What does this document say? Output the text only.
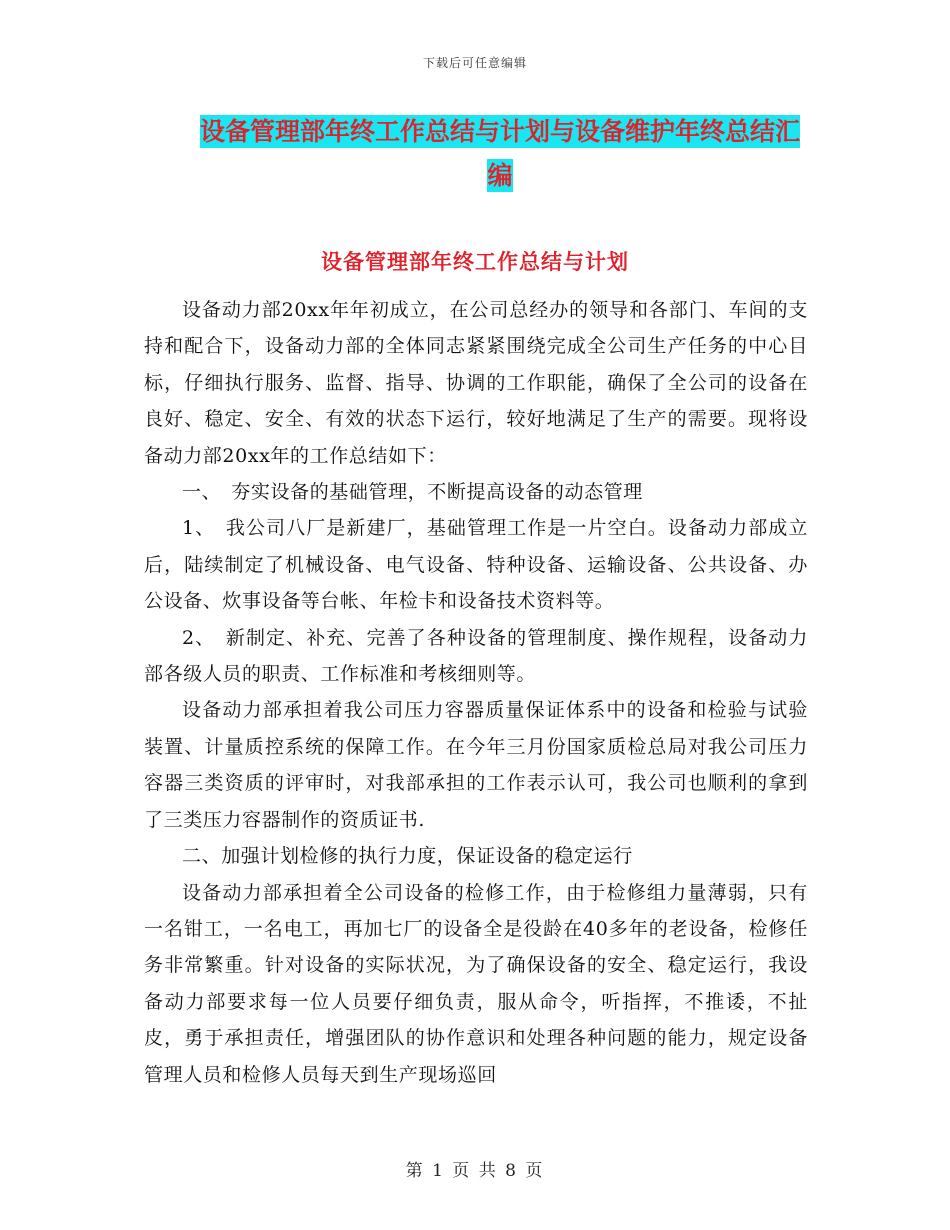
下载后可任意编辑
设备管理部年终工作总结与计划与设备维护年终总结汇编
设备管理部年终工作总结与计划

设备动力部20xx年年初成立，在公司总经办的领导和各部门、车间的支持和配合下，设备动力部的全体同志紧紧围绕完成全公司生产任务的中心目标，仔细执行服务、监督、指导、协调的工作职能，确保了全公司的设备在良好、稳定、安全、有效的状态下运行，较好地满足了生产的需要。现将设备动力部20xx年的工作总结如下：

一、　夯实设备的基础管理，不断提高设备的动态管理

1、　我公司八厂是新建厂，基础管理工作是一片空白。设备动力部成立后，陆续制定了机械设备、电气设备、特种设备、运输设备、公共设备、办公设备、炊事设备等台帐、年检卡和设备技术资料等。

2、　新制定、补充、完善了各种设备的管理制度、操作规程，设备动力部各级人员的职责、工作标准和考核细则等。

设备动力部承担着我公司压力容器质量保证体系中的设备和检验与试验装置、计量质控系统的保障工作。在今年三月份国家质检总局对我公司压力容器三类资质的评审时，对我部承担的工作表示认可，我公司也顺利的拿到了三类压力容器制作的资质证书.

二、加强计划检修的执行力度，保证设备的稳定运行

设备动力部承担着全公司设备的检修工作，由于检修组力量薄弱，只有一名钳工，一名电工，再加七厂的设备全是役龄在40多年的老设备，检修任务非常繁重。针对设备的实际状况，为了确保设备的安全、稳定运行，我设备动力部要求每一位人员要仔细负责，服从命令，听指挥，不推诿，不扯皮，勇于承担责任，增强团队的协作意识和处理各种问题的能力，规定设备管理人员和检修人员每天到生产现场巡回

第 1 页 共 8 页
